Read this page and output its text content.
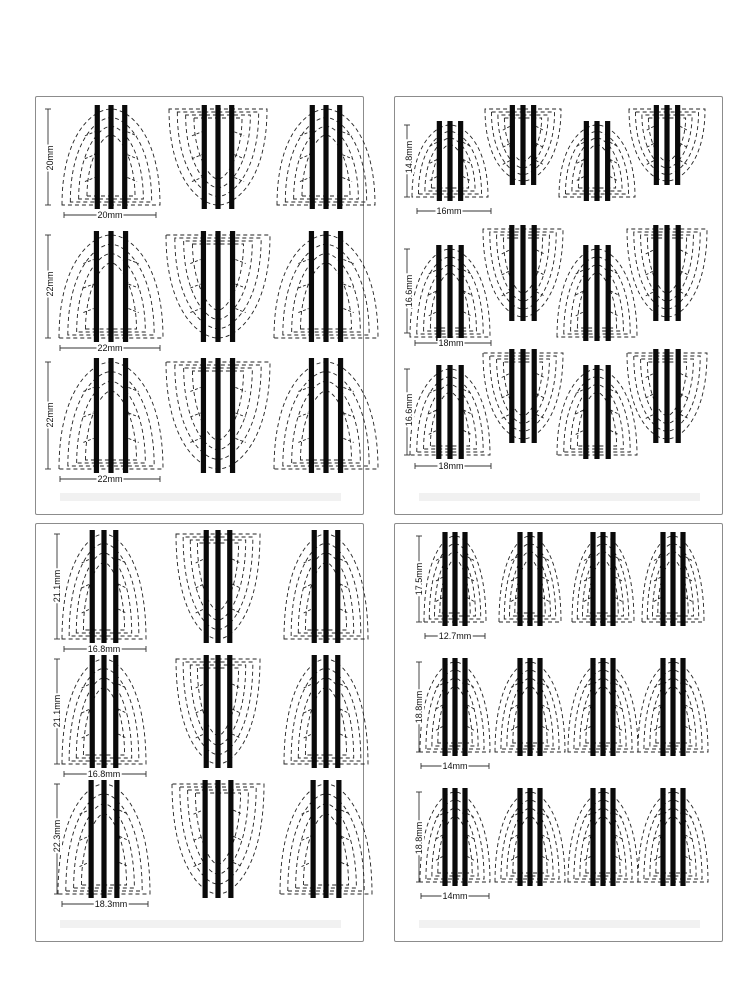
20mm
20mm
22mm
22mm
22mm
22mm
14.8mm
16mm
16.6mm
18mm
16.6mm
18mm
21.1mm
16.8mm
21.1mm
16.8mm
22.3mm
18.3mm
17.5mm
12.7mm
18.8mm
14mm
18.8mm
14mm
